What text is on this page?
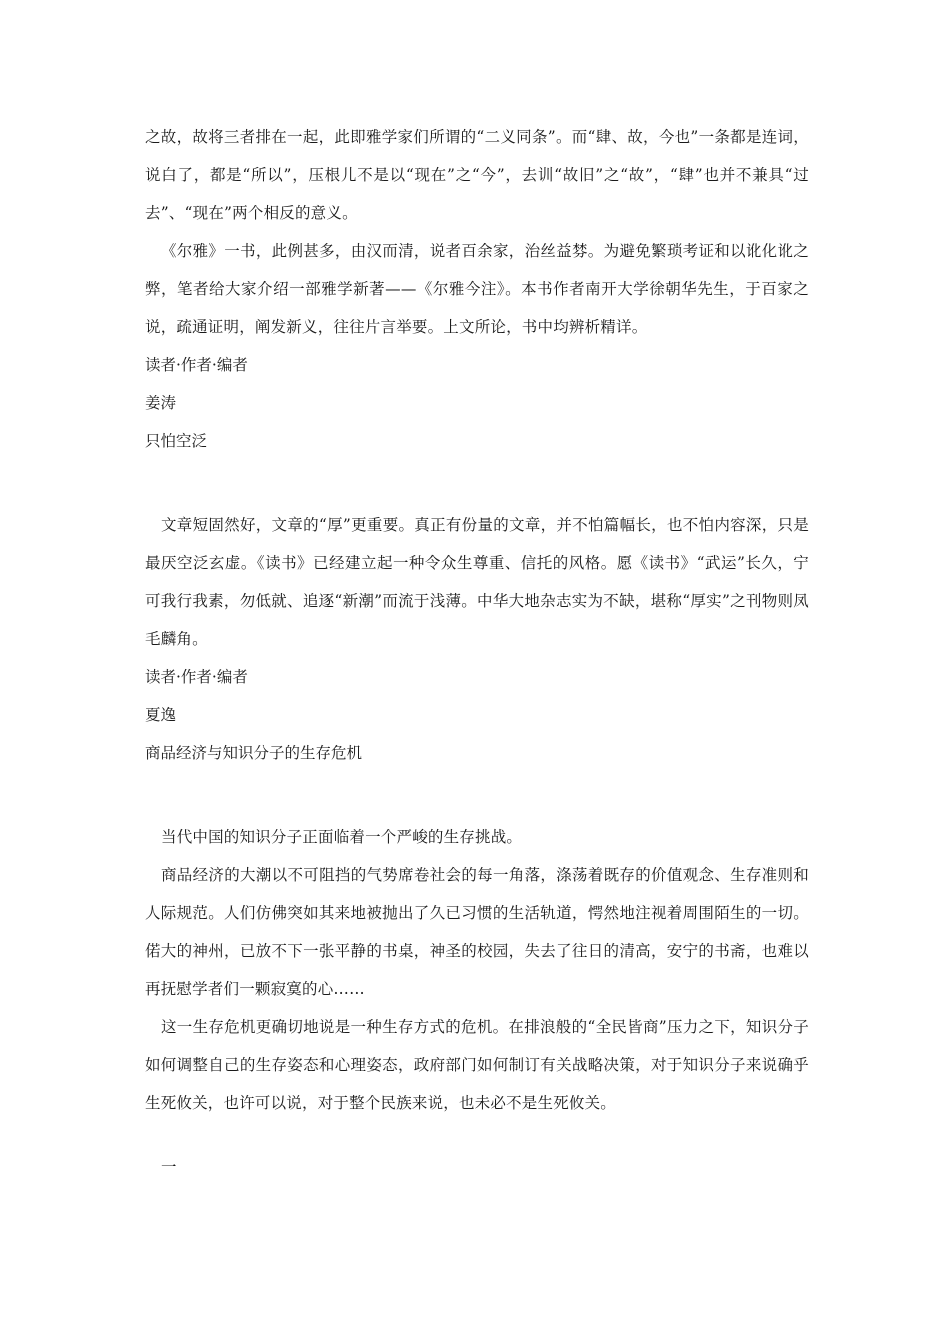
之故，故将三者排在一起，此即雅学家们所谓的“二义同条”。而“肆、故，今也”一条都是连词，说白了，都是“所以”，压根儿不是以“现在”之“今”，去训“故旧”之“故”，“肆”也并不兼具“过去”、“现在”两个相反的意义。

《尔雅》一书，此例甚多，由汉而清，说者百余家，治丝益棼。为避免繁琐考证和以讹化讹之弊，笔者给大家介绍一部雅学新著——《尔雅今注》。本书作者南开大学徐朝华先生，于百家之说，疏通证明，阐发新义，往往片言举要。上文所论，书中均辨析精详。

读者·作者·编者
姜涛
只怕空泛

文章短固然好，文章的“厚”更重要。真正有份量的文章，并不怕篇幅长，也不怕内容深，只是最厌空泛玄虚。《读书》已经建立起一种令众生尊重、信托的风格。愿《读书》“武运”长久，宁可我行我素，勿低就、追逐“新潮”而流于浅薄。中华大地杂志实为不缺，堪称“厚实”之刊物则凤毛麟角。

读者·作者·编者
夏逸
商品经济与知识分子的生存危机

当代中国的知识分子正面临着一个严峻的生存挑战。

商品经济的大潮以不可阻挡的气势席卷社会的每一角落，涤荡着既存的价值观念、生存准则和人际规范。人们仿佛突如其来地被抛出了久已习惯的生活轨道，愕然地注视着周围陌生的一切。偌大的神州，已放不下一张平静的书桌，神圣的校园，失去了往日的清高，安宁的书斋，也难以再抚慰学者们一颗寂寞的心……

这一生存危机更确切地说是一种生存方式的危机。在排浪般的“全民皆商”压力之下，知识分子如何调整自己的生存姿态和心理姿态，政府部门如何制订有关战略决策，对于知识分子来说确乎生死攸关，也许可以说，对于整个民族来说，也未必不是生死攸关。

一
